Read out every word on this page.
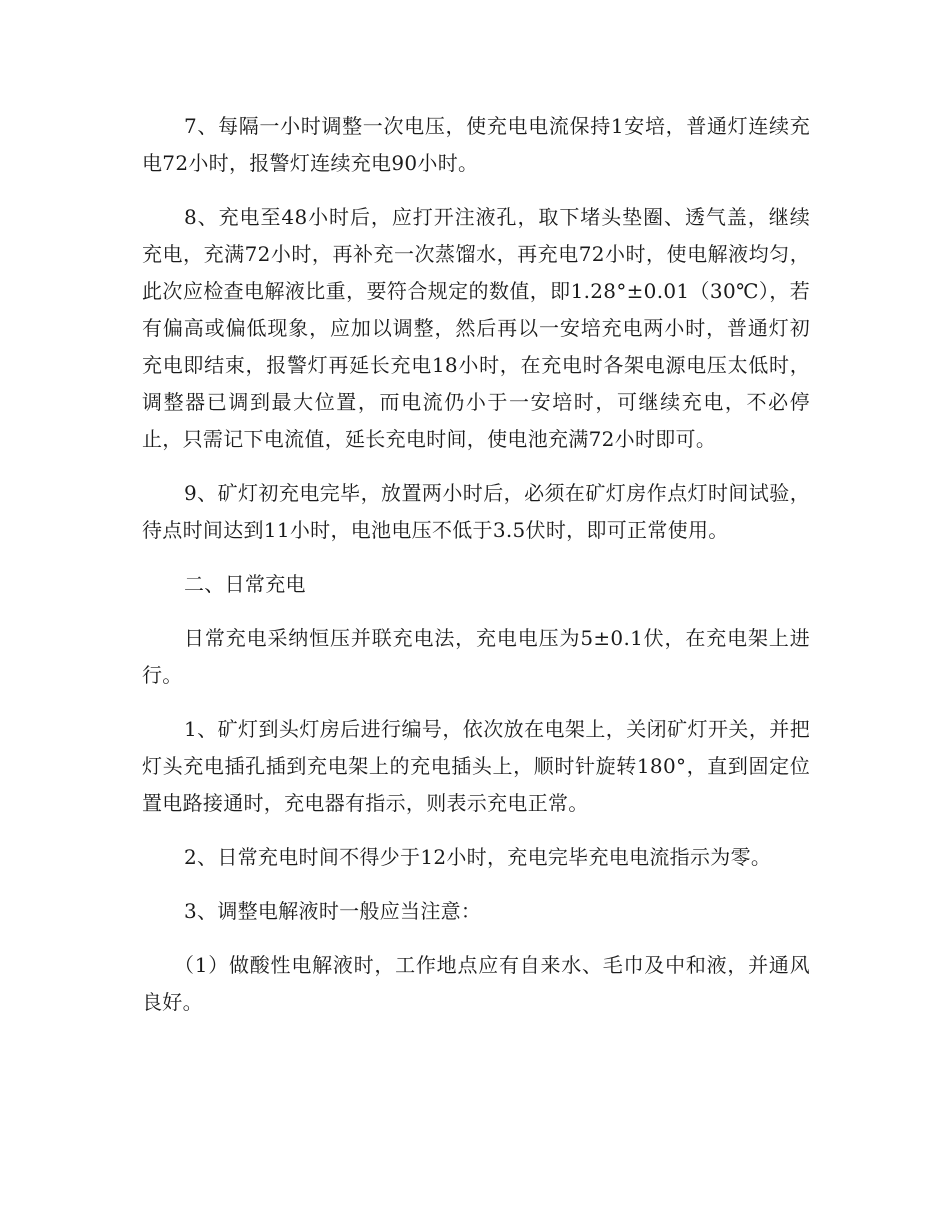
7、每隔一小时调整一次电压，使充电电流保持1安培，普通灯连续充电72小时，报警灯连续充电90小时。

8、充电至48小时后，应打开注液孔，取下堵头垫圈、透气盖，继续充电，充满72小时，再补充一次蒸馏水，再充电72小时，使电解液均匀，此次应检查电解液比重，要符合规定的数值，即1.28°±0.01（30℃），若有偏高或偏低现象，应加以调整，然后再以一安培充电两小时，普通灯初充电即结束，报警灯再延长充电18小时，在充电时各架电源电压太低时，调整器已调到最大位置，而电流仍小于一安培时，可继续充电，不必停止，只需记下电流值，延长充电时间，使电池充满72小时即可。

9、矿灯初充电完毕，放置两小时后，必须在矿灯房作点灯时间试验，待点时间达到11小时，电池电压不低于3.5伏时，即可正常使用。

二、日常充电

日常充电采纳恒压并联充电法，充电电压为5±0.1伏，在充电架上进行。

1、矿灯到头灯房后进行编号，依次放在电架上，关闭矿灯开关，并把灯头充电插孔插到充电架上的充电插头上，顺时针旋转180°，直到固定位置电路接通时，充电器有指示，则表示充电正常。

2、日常充电时间不得少于12小时，充电完毕充电电流指示为零。

3、调整电解液时一般应当注意：

（1）做酸性电解液时，工作地点应有自来水、毛巾及中和液，并通风良好。
